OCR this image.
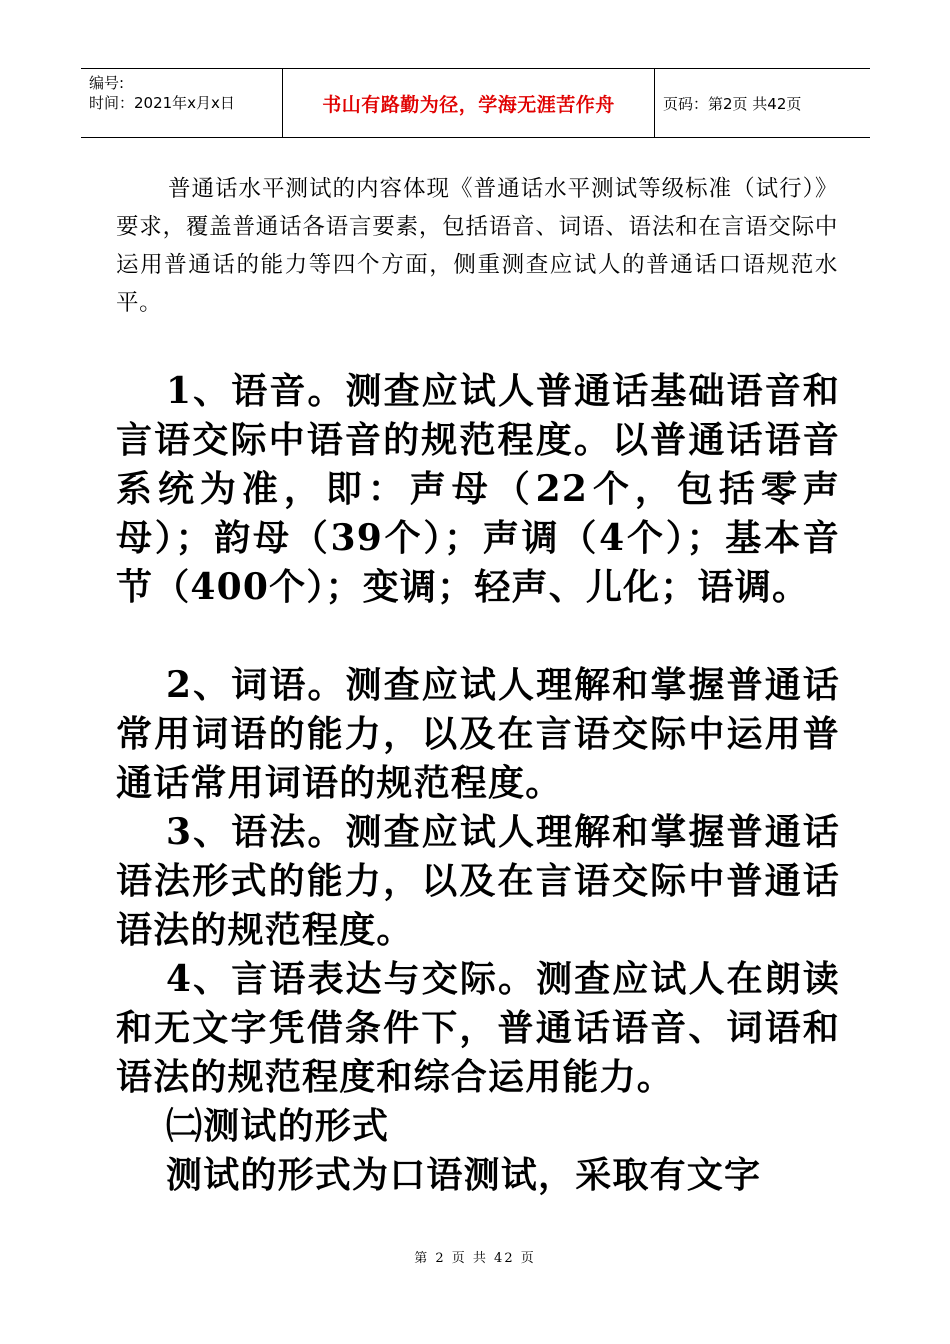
编号:
时间：2021年x月x日	书山有路勤为径，学海无涯苦作舟	页码：第2页 共42页

普通话水平测试的内容体现《普通话水平测试等级标准（试行）》要求，覆盖普通话各语言要素，包括语音、词语、语法和在言语交际中运用普通话的能力等四个方面，侧重测查应试人的普通话口语规范水平。

1、语音。测查应试人普通话基础语音和言语交际中语音的规范程度。以普通话语音系统为准，即：声母（22个，包括零声母）；韵母（39个）；声调（4个）；基本音节（400个）；变调；轻声、儿化；语调。

2、词语。测查应试人理解和掌握普通话常用词语的能力，以及在言语交际中运用普通话常用词语的规范程度。

3、语法。测查应试人理解和掌握普通话语法形式的能力，以及在言语交际中普通话语法的规范程度。

4、言语表达与交际。测查应试人在朗读和无文字凭借条件下，普通话语音、词语和语法的规范程度和综合运用能力。

㈡测试的形式

测试的形式为口语测试，采取有文字

第 2 页 共 42 页
